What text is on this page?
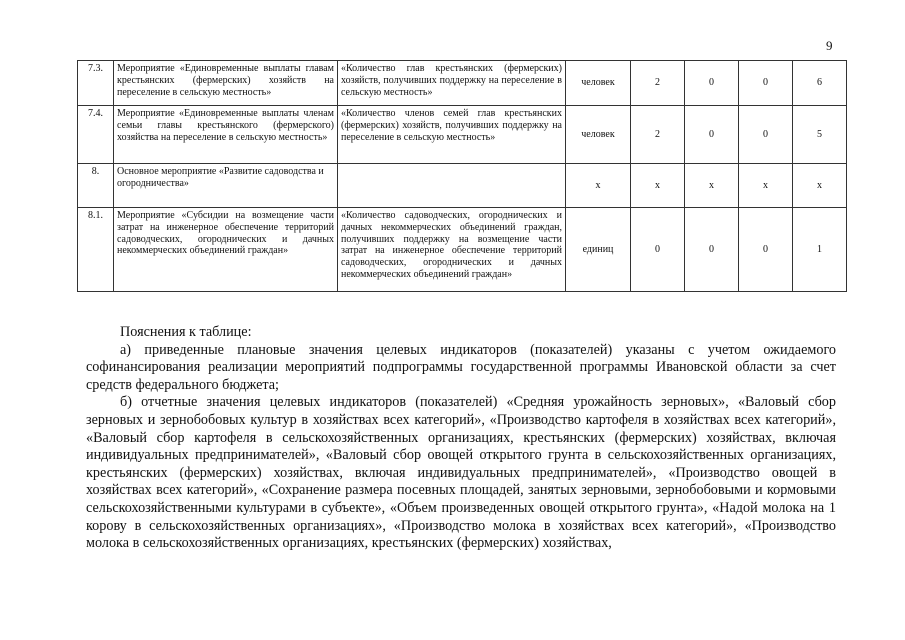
9
7.3.	Мероприятие «Единовременные выплаты главам крестьянских (фермерских) хозяйств на переселение в сельскую местность»	«Количество глав крестьянских (фермерских) хозяйств, получивших поддержку на переселение в сельскую местность»	человек	2	0	0	6
7.4.	Мероприятие «Единовременные выплаты членам семьи главы крестьянского (фермерского) хозяйства на переселение в сельскую местность»	«Количество членов семей глав крестьянских (фермерских) хозяйств, получивших поддержку на переселение в сельскую местность»	человек	2	0	0	5
8.	Основное мероприятие «Развитие садоводства и огородничества»		х	х	х	х	х
8.1.	Мероприятие «Субсидии на возмещение части затрат на инженерное обеспечение территорий садоводческих, огороднических и дачных некоммерческих объединений граждан»	«Количество садоводческих, огороднических и дачных некоммерческих объединений граждан, получивших поддержку на возмещение части затрат на инженерное обеспечение территорий садоводческих, огороднических и дачных некоммерческих объединений граждан»	единиц	0	0	0	1

Пояснения к таблице:

а) приведенные плановые значения целевых индикаторов (показателей) указаны с учетом ожидаемого софинансирования реализации мероприятий подпрограммы государственной программы Ивановской области за счет средств федерального бюджета;

б) отчетные значения целевых индикаторов (показателей) «Средняя урожайность зерновых», «Валовый сбор зерновых и зернобобовых культур в хозяйствах всех категорий», «Производство картофеля в хозяйствах всех категорий», «Валовый сбор картофеля в сельскохозяйственных организациях, крестьянских (фермерских) хозяйствах, включая индивидуальных предпринимателей», «Валовый сбор овощей открытого грунта в сельскохозяйственных организациях, крестьянских (фермерских) хозяйствах, включая индивидуальных предпринимателей», «Производство овощей в хозяйствах всех категорий», «Сохранение размера посевных площадей, занятых зерновыми, зернобобовыми и кормовыми сельскохозяйственными культурами в субъекте», «Объем произведенных овощей открытого грунта», «Надой молока на 1 корову в сельскохозяйственных организациях», «Производство молока в хозяйствах всех категорий», «Производство молока в сельскохозяйственных организациях, крестьянских (фермерских) хозяйствах,
